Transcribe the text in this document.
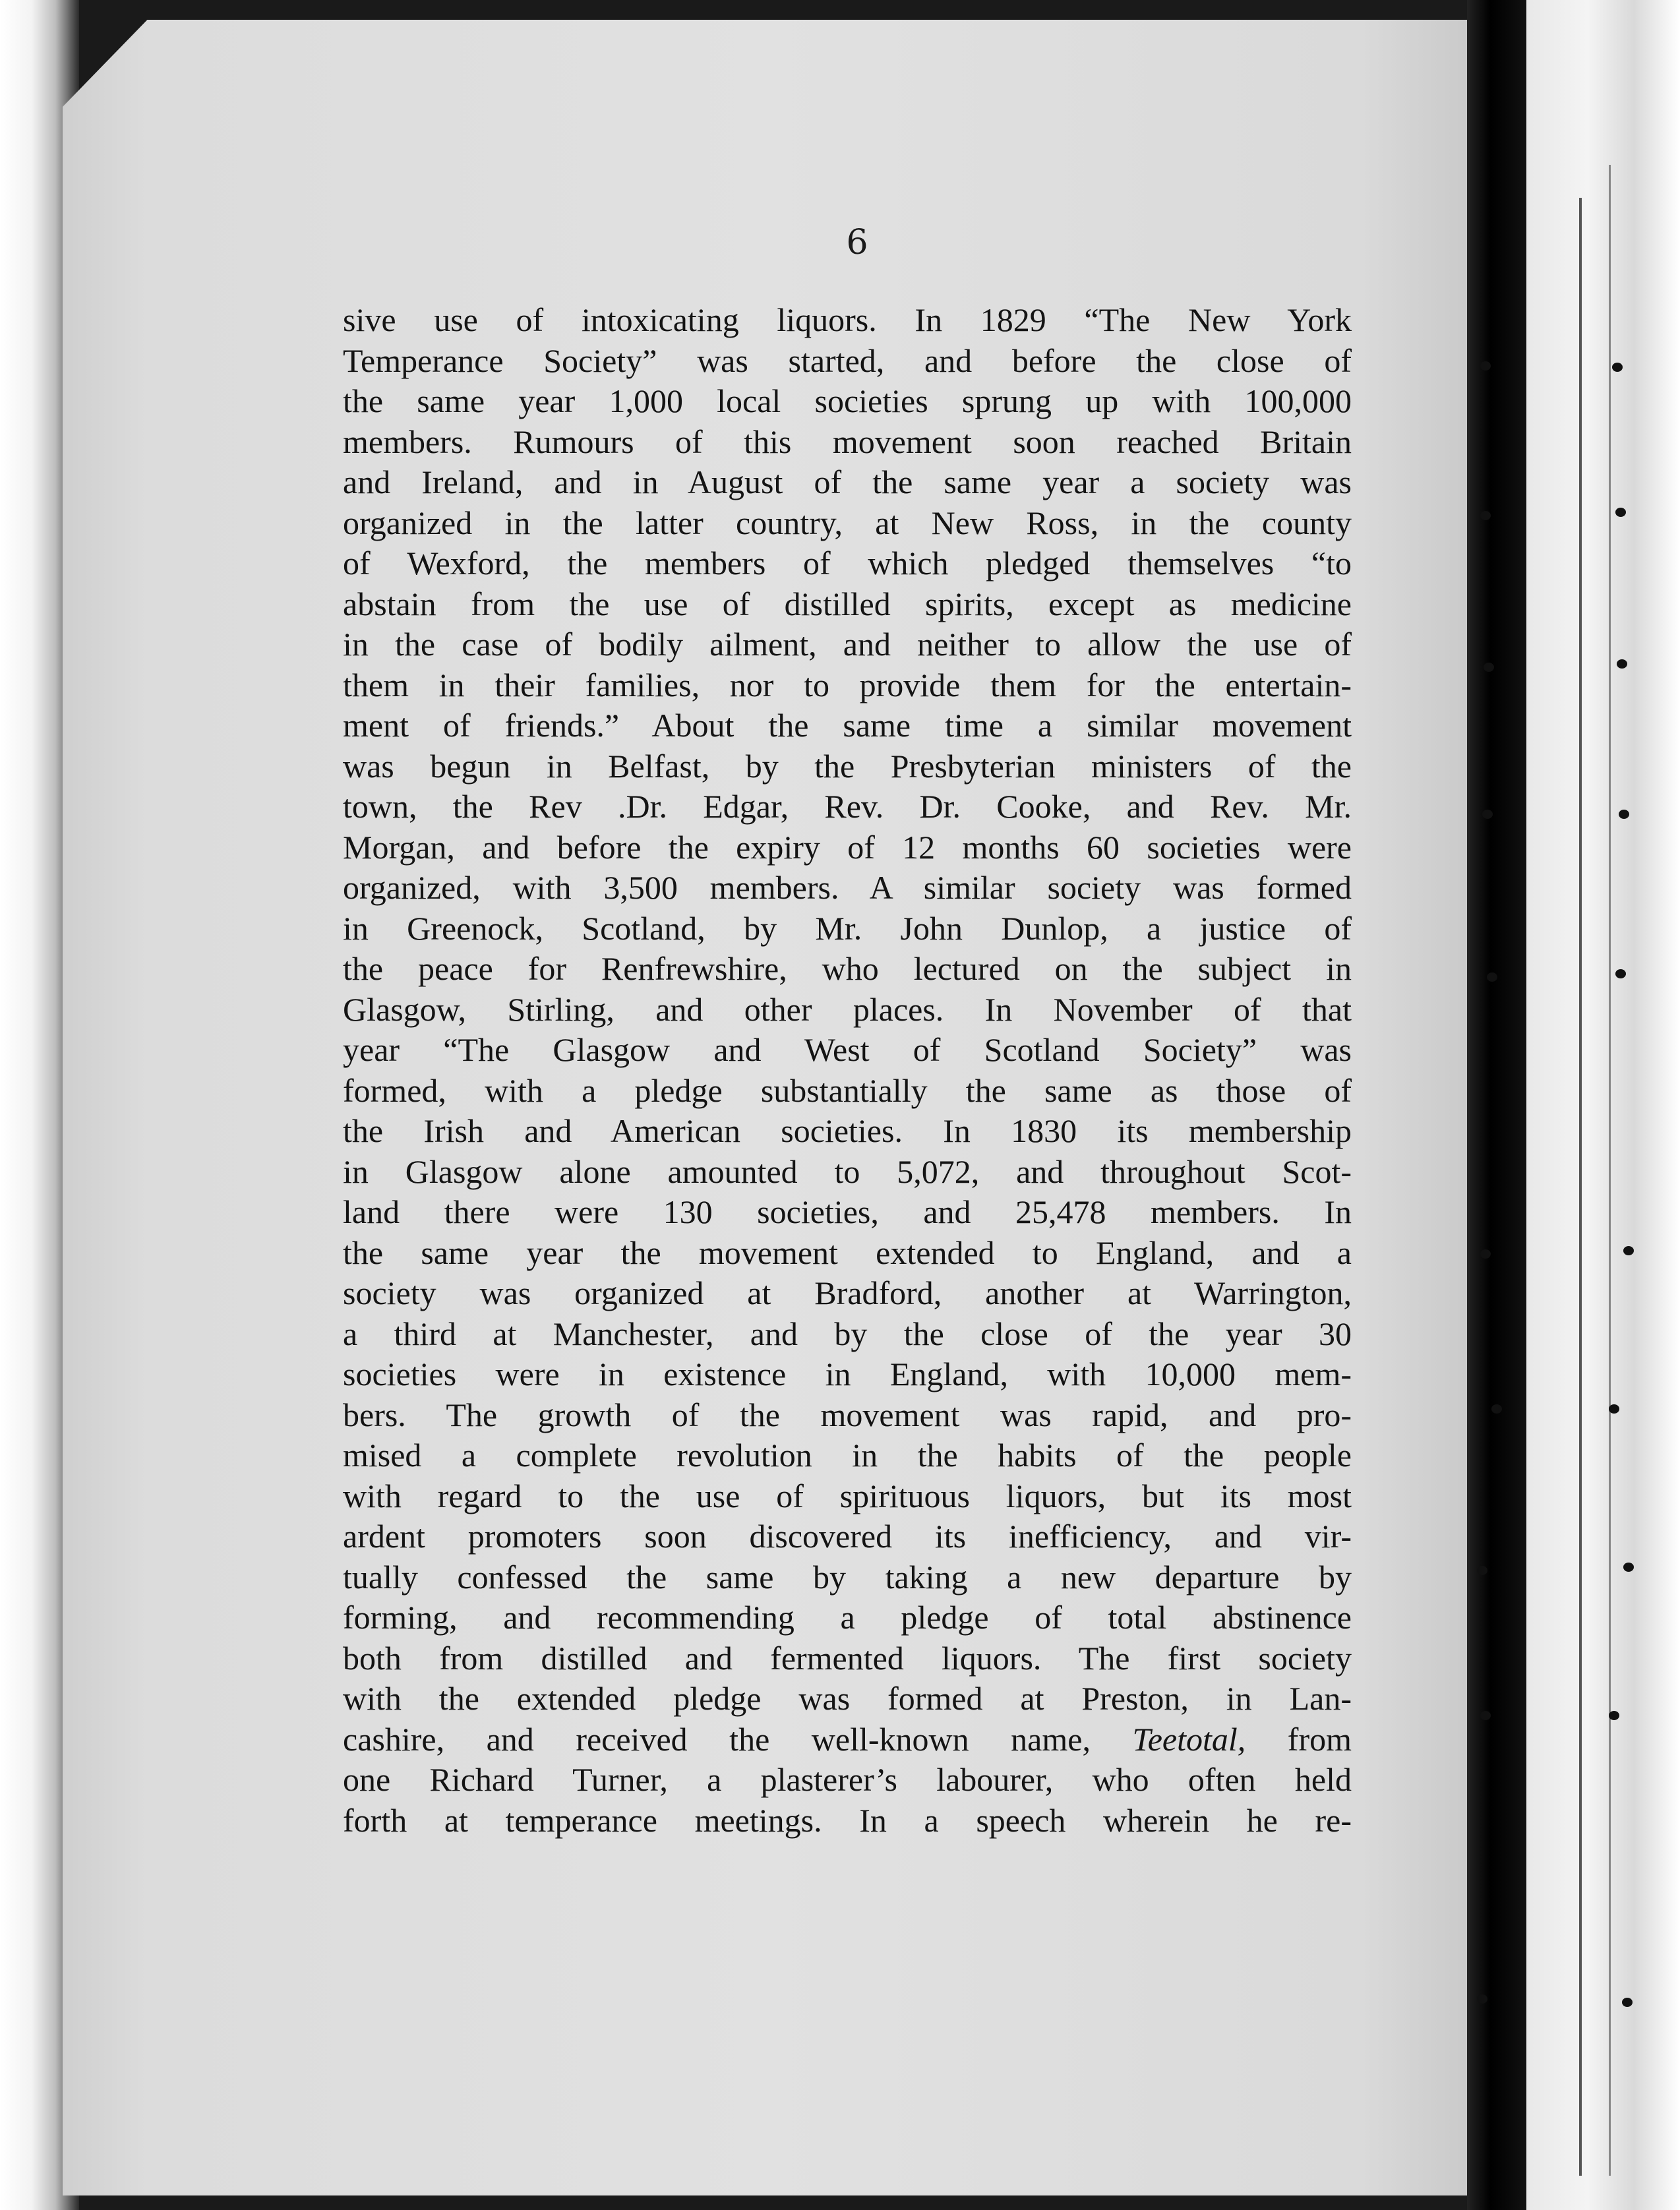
6
sive use of intoxicating liquors. In 1829 “The New York
Temperance Society” was started, and before the close of
the same year 1,000 local societies sprung up with 100,000
members. Rumours of this movement soon reached Britain
and Ireland, and in August of the same year a society was
organized in the latter country, at New Ross, in the county
of Wexford, the members of which pledged themselves “to
abstain from the use of distilled spirits, except as medicine
in the case of bodily ailment, and neither to allow the use of
them in their families, nor to provide them for the entertain-
ment of friends.” About the same time a similar movement
was begun in Belfast, by the Presbyterian ministers of the
town, the Rev .Dr. Edgar, Rev. Dr. Cooke, and Rev. Mr.
Morgan, and before the expiry of 12 months 60 societies were
organized, with 3,500 members. A similar society was formed
in Greenock, Scotland, by Mr. John Dunlop, a justice of
the peace for Renfrewshire, who lectured on the subject in
Glasgow, Stirling, and other places. In November of that
year “The Glasgow and West of Scotland Society” was
formed, with a pledge substantially the same as those of
the Irish and American societies. In 1830 its membership
in Glasgow alone amounted to 5,072, and throughout Scot-
land there were 130 societies, and 25,478 members. In
the same year the movement extended to England, and a
society was organized at Bradford, another at Warrington,
a third at Manchester, and by the close of the year 30
societies were in existence in England, with 10,000 mem-
bers. The growth of the movement was rapid, and pro-
mised a complete revolution in the habits of the people
with regard to the use of spirituous liquors, but its most
ardent promoters soon discovered its inefficiency, and vir-
tually confessed the same by taking a new departure by
forming, and recommending a pledge of total abstinence
both from distilled and fermented liquors. The first society
with the extended pledge was formed at Preston, in Lan-
cashire, and received the well-known name, Teetotal, from
one Richard Turner, a plasterer’s labourer, who often held
forth at temperance meetings. In a speech wherein he re-
